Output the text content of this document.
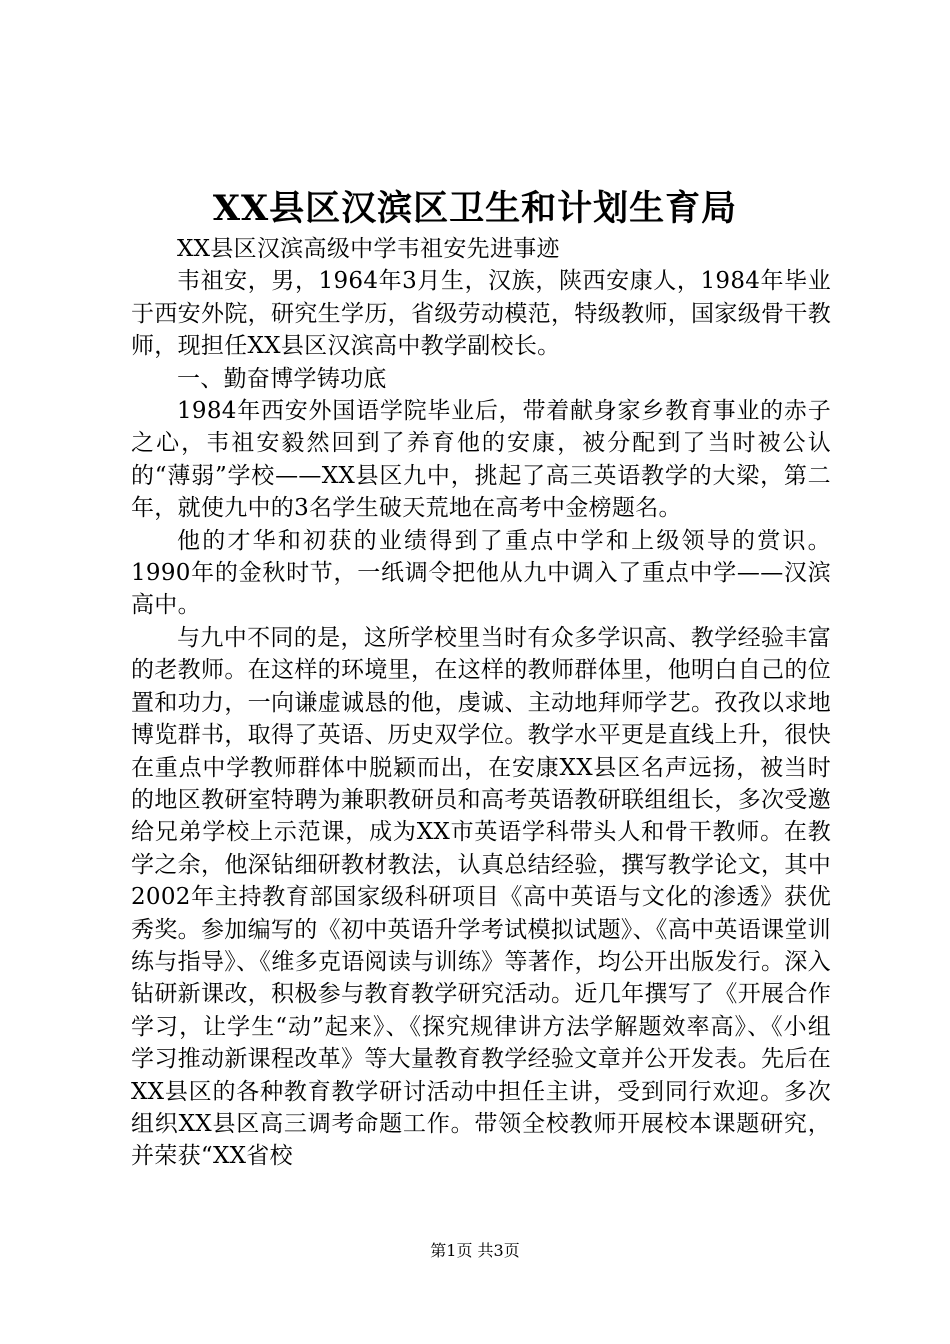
XX县区汉滨区卫生和计划生育局

XX县区汉滨高级中学韦祖安先进事迹

韦祖安，男，1964年3月生，汉族，陕西安康人，1984年毕业于西安外院，研究生学历，省级劳动模范，特级教师，国家级骨干教师，现担任XX县区汉滨高中教学副校长。

一、勤奋博学铸功底

1984年西安外国语学院毕业后，带着献身家乡教育事业的赤子之心，韦祖安毅然回到了养育他的安康，被分配到了当时被公认的“薄弱”学校——XX县区九中，挑起了高三英语教学的大梁，第二年，就使九中的3名学生破天荒地在高考中金榜题名。

他的才华和初获的业绩得到了重点中学和上级领导的赏识。1990年的金秋时节，一纸调令把他从九中调入了重点中学——汉滨高中。

与九中不同的是，这所学校里当时有众多学识高、教学经验丰富的老教师。在这样的环境里，在这样的教师群体里，他明白自己的位置和功力，一向谦虚诚恳的他，虔诚、主动地拜师学艺。孜孜以求地博览群书，取得了英语、历史双学位。教学水平更是直线上升，很快在重点中学教师群体中脱颖而出，在安康XX县区名声远扬，被当时的地区教研室特聘为兼职教研员和高考英语教研联组组长，多次受邀给兄弟学校上示范课，成为XX市英语学科带头人和骨干教师。在教学之余，他深钻细研教材教法，认真总结经验，撰写教学论文，其中2002年主持教育部国家级科研项目《高中英语与文化的渗透》获优秀奖。参加编写的《初中英语升学考试模拟试题》、《高中英语课堂训练与指导》、《维多克语阅读与训练》等著作，均公开出版发行。深入钻研新课改，积极参与教育教学研究活动。近几年撰写了《开展合作学习，让学生“动”起来》、《探究规律讲方法学解题效率高》、《小组学习推动新课程改革》等大量教育教学经验文章并公开发表。先后在XX县区的各种教育教学研讨活动中担任主讲，受到同行欢迎。多次组织XX县区高三调考命题工作。带领全校教师开展校本课题研究，并荣获“XX省校

第1页 共3页
